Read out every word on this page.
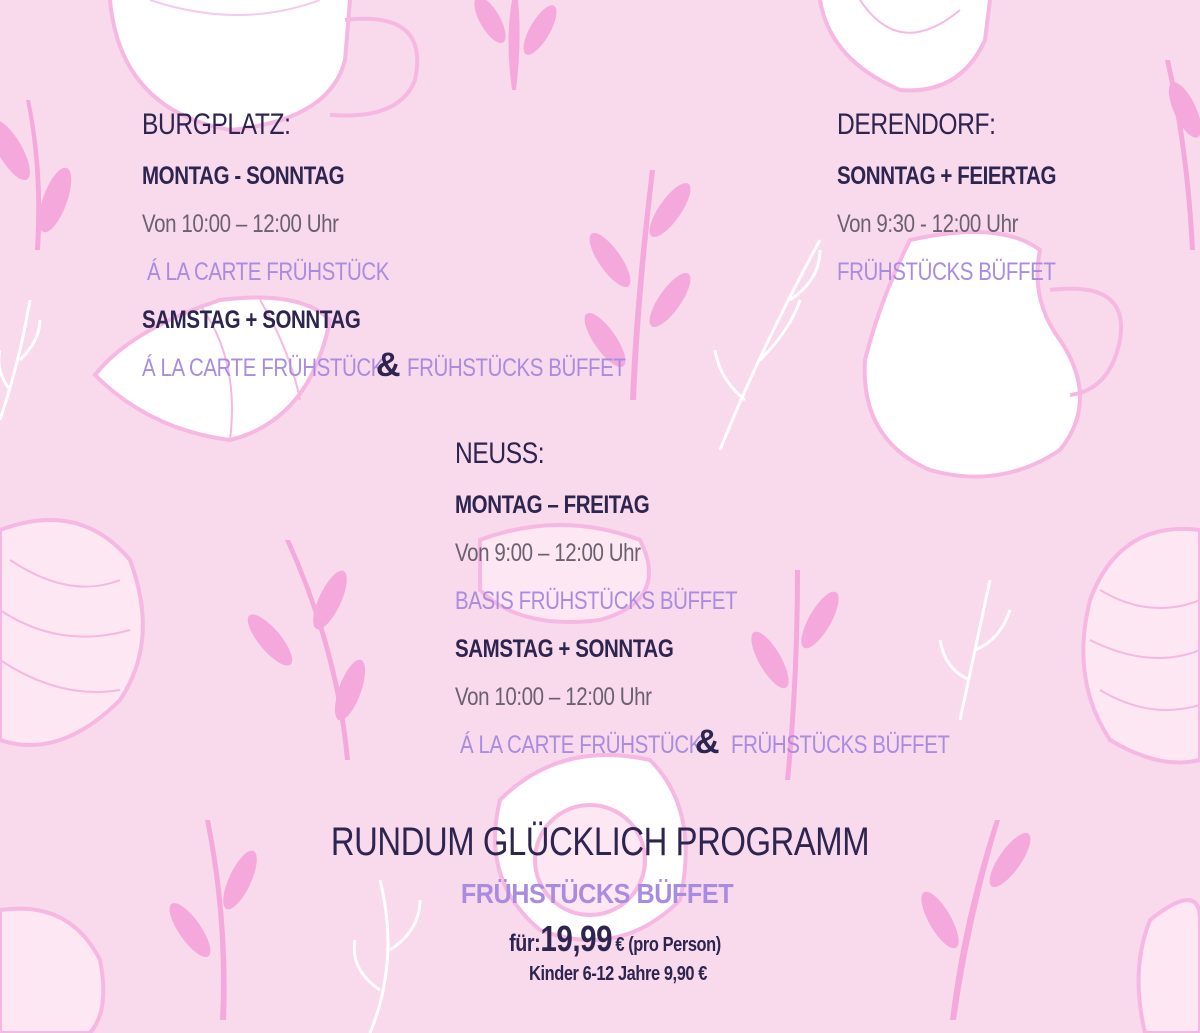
BURGPLATZ:
MONTAG - SONNTAG
Von 10:00 – 12:00 Uhr
Á LA CARTE FRÜHSTÜCK
SAMSTAG + SONNTAG
Á LA CARTE FRÜHSTÜCK
& FRÜHSTÜCKS BÜFFET
DERENDORF:
SONNTAG + FEIERTAG
Von 9:30 - 12:00 Uhr
FRÜHSTÜCKS BÜFFET
NEUSS:
MONTAG – FREITAG
Von 9:00 – 12:00 Uhr
BASIS FRÜHSTÜCKS BÜFFET
SAMSTAG + SONNTAG
Von 10:00 – 12:00 Uhr
Á LA CARTE FRÜHSTÜCK
& FRÜHSTÜCKS BÜFFET
RUNDUM GLÜCKLICH PROGRAMM
FRÜHSTÜCKS BÜFFET
für:19,99 € (pro Person)
Kinder 6-12 Jahre 9,90 €
